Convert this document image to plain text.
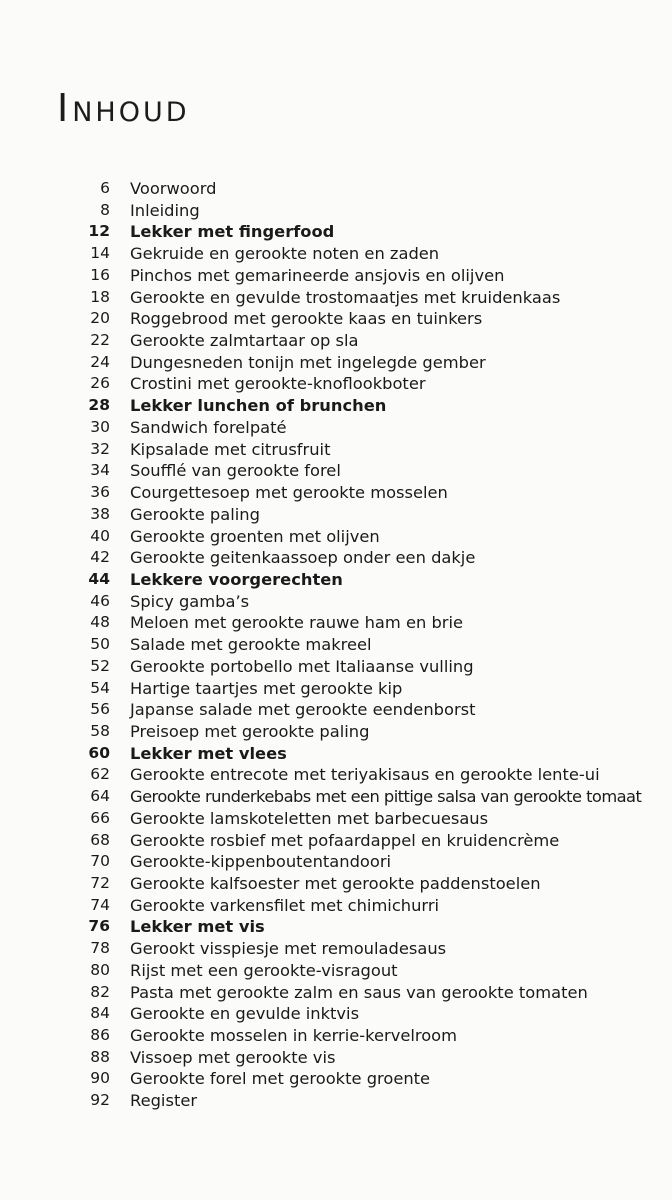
INHOUD
6 Voorwoord
8 Inleiding
12 Lekker met fingerfood
14 Gekruide en gerookte noten en zaden
16 Pinchos met gemarineerde ansjovis en olijven
18 Gerookte en gevulde trostomaatjes met kruidenkaas
20 Roggebrood met gerookte kaas en tuinkers
22 Gerookte zalmtartaar op sla
24 Dungesneden tonijn met ingelegde gember
26 Crostini met gerookte-knoflookboter
28 Lekker lunchen of brunchen
30 Sandwich forelpaté
32 Kipsalade met citrusfruit
34 Soufflé van gerookte forel
36 Courgettesoep met gerookte mosselen
38 Gerookte paling
40 Gerookte groenten met olijven
42 Gerookte geitenkaassoep onder een dakje
44 Lekkere voorgerechten
46 Spicy gamba’s
48 Meloen met gerookte rauwe ham en brie
50 Salade met gerookte makreel
52 Gerookte portobello met Italiaanse vulling
54 Hartige taartjes met gerookte kip
56 Japanse salade met gerookte eendenborst
58 Preisoep met gerookte paling
60 Lekker met vlees
62 Gerookte entrecote met teriyakisaus en gerookte lente-ui
64 Gerookte runderkebabs met een pittige salsa van gerookte tomaat
66 Gerookte lamskoteletten met barbecuesaus
68 Gerookte rosbief met pofaardappel en kruidencrème
70 Gerookte-kippenboutentandoori
72 Gerookte kalfsoester met gerookte paddenstoelen
74 Gerookte varkensfilet met chimichurri
76 Lekker met vis
78 Gerookt visspiesje met remouladesaus
80 Rijst met een gerookte-visragout
82 Pasta met gerookte zalm en saus van gerookte tomaten
84 Gerookte en gevulde inktvis
86 Gerookte mosselen in kerrie-kervelroom
88 Vissoep met gerookte vis
90 Gerookte forel met gerookte groente
92 Register
